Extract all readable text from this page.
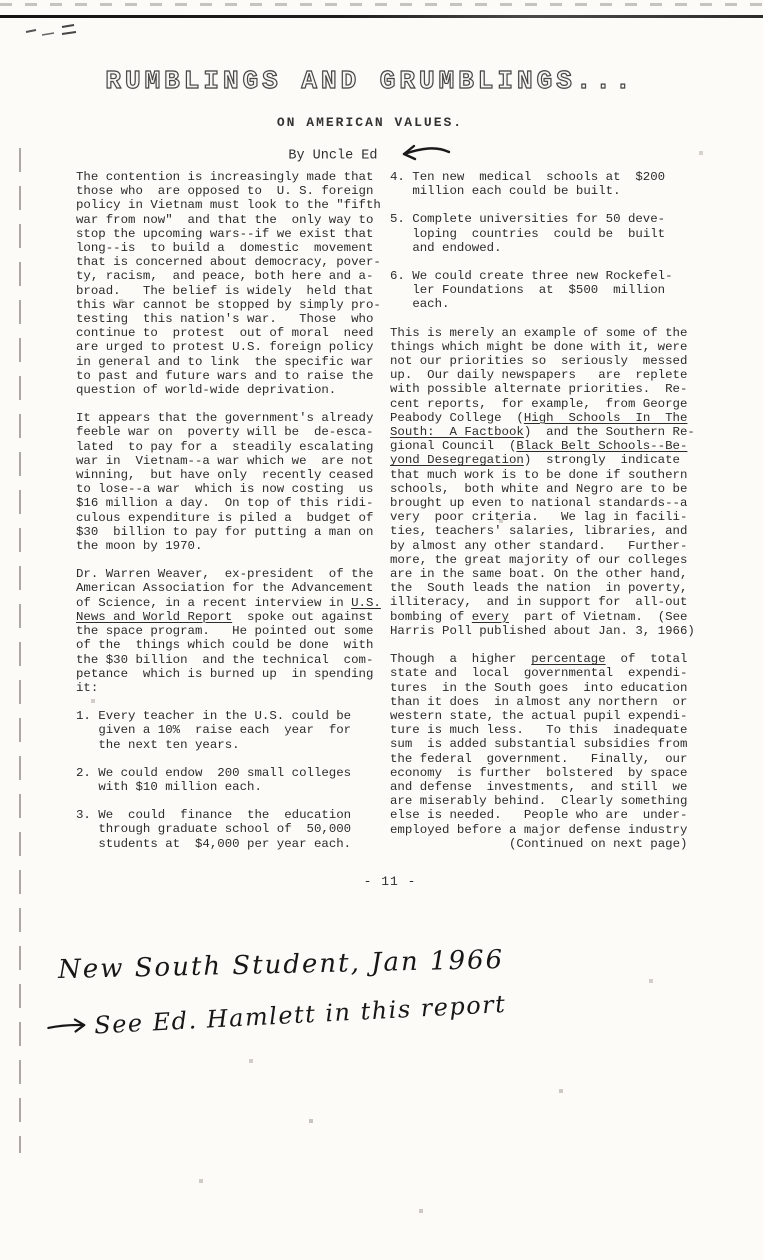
RUMBLINGS AND GRUMBLINGS...
ON AMERICAN VALUES.
By Uncle Ed
The contention is increasingly made that
those who  are opposed to  U. S. foreign
policy in Vietnam must look to the "fifth
war from now"  and that the  only way to
stop the upcoming wars--if we exist that
long--is  to build a  domestic  movement
that is concerned about democracy, pover-
ty, racism,  and peace, both here and a-
broad.   The belief is widely  held that
this war cannot be stopped by simply pro-
testing  this nation's war.   Those  who
continue to  protest  out of moral  need
are urged to protest U.S. foreign policy
in general and to link  the specific war
to past and future wars and to raise the
question of world-wide deprivation.
It appears that the government's already
feeble war on  poverty will be  de-esca-
lated  to pay for a  steadily escalating
war in  Vietnam--a war which we  are not
winning,  but have only  recently ceased
to lose--a war  which is now costing  us
$16 million a day.  On top of this ridi-
culous expenditure is piled a  budget of
$30  billion to pay for putting a man on
the moon by 1970.
Dr. Warren Weaver,  ex-president  of the
American Association for the Advancement
of Science, in a recent interview in U.S.
News and World Report  spoke out against
the space program.   He pointed out some
of the  things which could be done  with
the $30 billion  and the technical  com-
petance  which is burned up  in spending
it:
1. Every teacher in the U.S. could be
given a 10%  raise each  year  for
the next ten years.
2. We could endow  200 small colleges
with $10 million each.
3. We  could  finance  the  education
through graduate school of  50,000
students at  $4,000 per year each.
4. Ten new  medical  schools at  $200
million each could be built.
5. Complete universities for 50 deve-
loping  countries  could be  built
and endowed.
6. We could create three new Rockefel-
ler Foundations  at  $500  million
each.
This is merely an example of some of the
things which might be done with it, were
not our priorities so  seriously  messed
up.  Our daily newspapers   are  replete
with possible alternate priorities.  Re-
cent reports,  for example,  from George
Peabody College  (High  Schools  In  The
South:  A Factbook)  and the Southern Re-
gional Council  (Black Belt Schools--Be-
yond Desegregation)  strongly  indicate
that much work is to be done if southern
schools,  both white and Negro are to be
brought up even to national standards--a
very  poor criteria.   We lag in facili-
ties, teachers' salaries, libraries, and
by almost any other standard.   Further-
more, the great majority of our colleges
are in the same boat. On the other hand,
the  South leads the nation  in poverty,
illiteracy,  and in support for  all-out
bombing of every  part of Vietnam.  (See
Harris Poll published about Jan. 3, 1966)
Though  a  higher  percentage  of  total
state and  local  governmental  expendi-
tures  in the South goes  into education
than it does  in almost any northern  or
western state, the actual pupil expendi-
ture is much less.   To this  inadequate
sum  is added substantial subsidies from
the federal  government.   Finally,  our
economy  is further  bolstered  by space
and defense  investments,  and still  we
are miserably behind.  Clearly something
else is needed.   People who are  under-
employed before a major defense industry
(Continued on next page)
- 11 -
New South Student, Jan 1966
See Ed. Hamlett in this report
